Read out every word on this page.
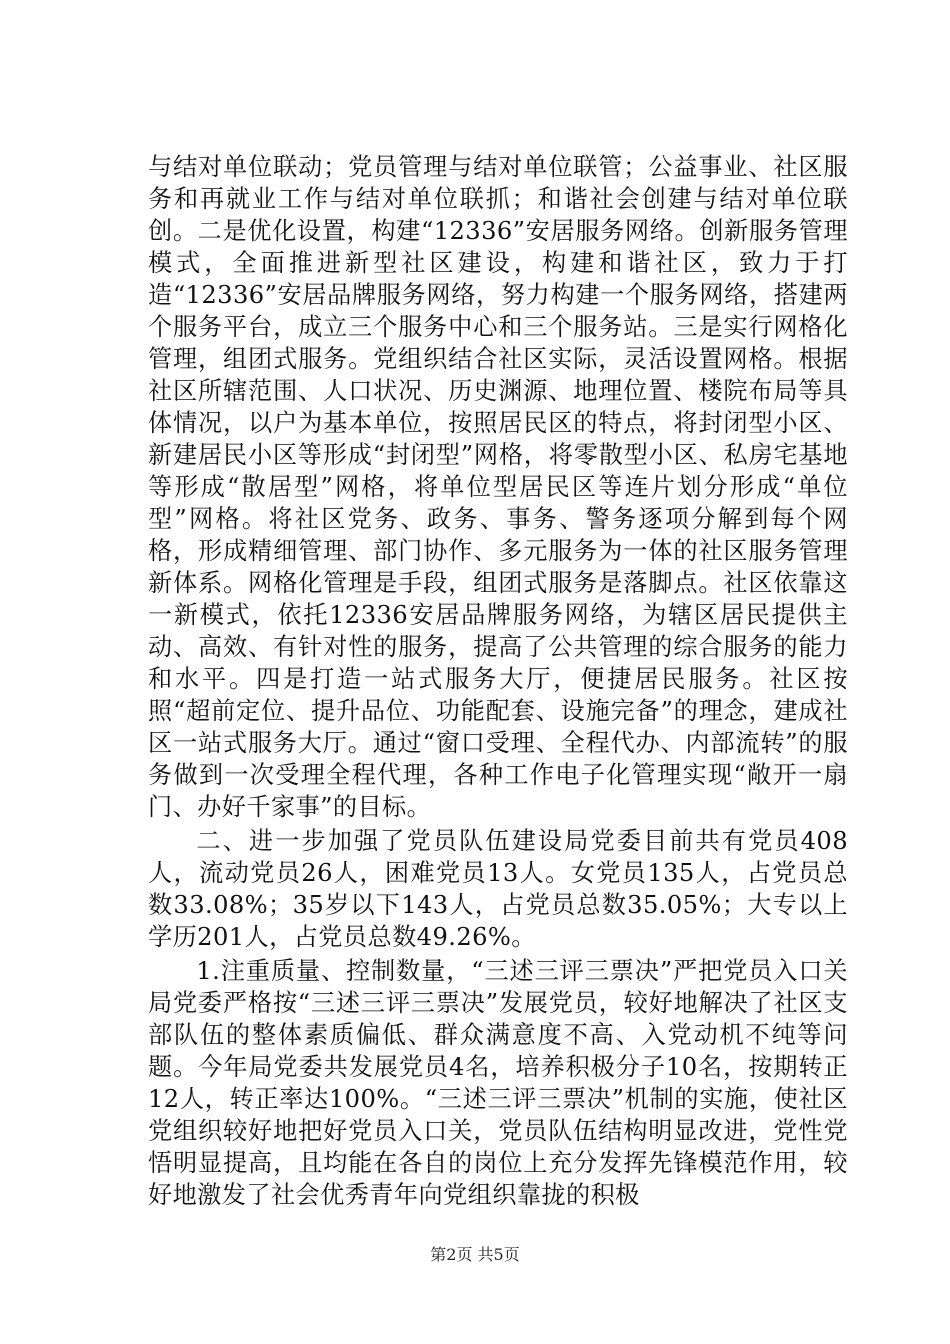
与结对单位联动；党员管理与结对单位联管；公益事业、社区服务和再就业工作与结对单位联抓；和谐社会创建与结对单位联创。二是优化设置，构建“12336”安居服务网络。创新服务管理模式，全面推进新型社区建设，构建和谐社区，致力于打造“12336”安居品牌服务网络，努力构建一个服务网络，搭建两个服务平台，成立三个服务中心和三个服务站。三是实行网格化管理，组团式服务。党组织结合社区实际，灵活设置网格。根据社区所辖范围、人口状况、历史渊源、地理位置、楼院布局等具体情况，以户为基本单位，按照居民区的特点，将封闭型小区、新建居民小区等形成“封闭型”网格，将零散型小区、私房宅基地等形成“散居型”网格，将单位型居民区等连片划分形成“单位型”网格。将社区党务、政务、事务、警务逐项分解到每个网格，形成精细管理、部门协作、多元服务为一体的社区服务管理新体系。网格化管理是手段，组团式服务是落脚点。社区依靠这一新模式，依托12336安居品牌服务网络，为辖区居民提供主动、高效、有针对性的服务，提高了公共管理的综合服务的能力和水平。四是打造一站式服务大厅，便捷居民服务。社区按照“超前定位、提升品位、功能配套、设施完备”的理念，建成社区一站式服务大厅。通过“窗口受理、全程代办、内部流转”的服务做到一次受理全程代理，各种工作电子化管理实现“敞开一扇门、办好千家事”的目标。

二、进一步加强了党员队伍建设局党委目前共有党员408人，流动党员26人，困难党员13人。女党员135人，占党员总数33.08%；35岁以下143人，占党员总数35.05%；大专以上学历201人，占党员总数49.26%。

1.注重质量、控制数量，“三述三评三票决”严把党员入口关局党委严格按“三述三评三票决”发展党员，较好地解决了社区支部队伍的整体素质偏低、群众满意度不高、入党动机不纯等问题。今年局党委共发展党员4名，培养积极分子10名，按期转正12人，转正率达100%。“三述三评三票决”机制的实施，使社区党组织较好地把好党员入口关，党员队伍结构明显改进，党性党悟明显提高，且均能在各自的岗位上充分发挥先锋模范作用，较好地激发了社会优秀青年向党组织靠拢的积极

第2页 共5页
